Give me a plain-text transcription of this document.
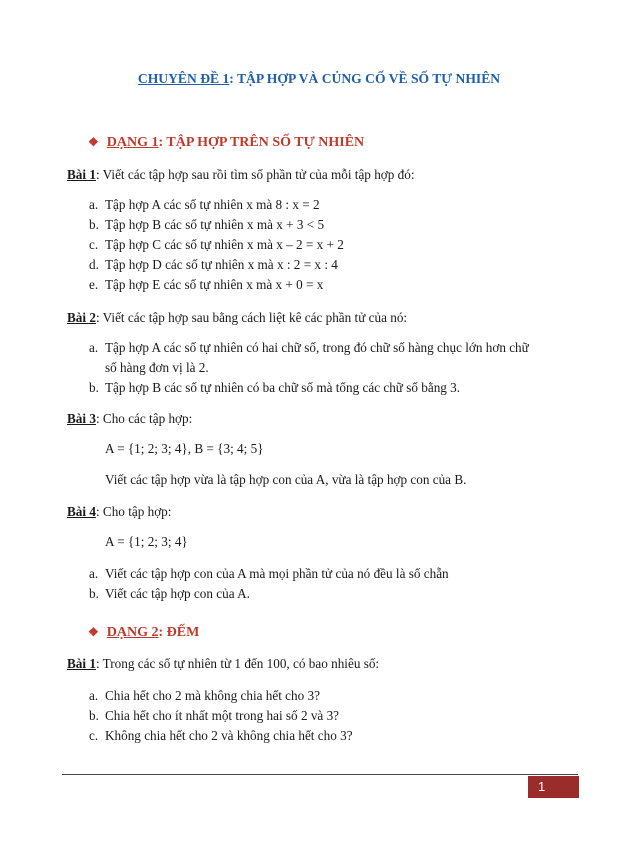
CHUYÊN ĐỀ 1: TẬP HỢP VÀ CỦNG CỐ VỀ SỐ TỰ NHIÊN
❖ DẠNG 1: TẬP HỢP TRÊN SỐ TỰ NHIÊN
Bài 1: Viết các tập hợp sau rồi tìm số phần tử của mỗi tập hợp đó:
a. Tập hợp A các số tự nhiên x mà 8 : x = 2
b. Tập hợp B các số tự nhiên x mà x + 3 < 5
c. Tập hợp C các số tự nhiên x mà x – 2 = x + 2
d. Tập hợp D các số tự nhiên x mà x : 2 = x : 4
e. Tập hợp E các số tự nhiên x mà x + 0 = x
Bài 2: Viết các tập hợp sau bằng cách liệt kê các phần tử của nó:
a. Tập hợp A các số tự nhiên có hai chữ số, trong đó chữ số hàng chục lớn hơn chữ
số hàng đơn vị là 2.
b. Tập hợp B các số tự nhiên có ba chữ số mà tổng các chữ số bằng 3.
Bài 3: Cho các tập hợp:
A = {1; 2; 3; 4}, B = {3; 4; 5}
Viết các tập hợp vừa là tập hợp con của A, vừa là tập hợp con của B.
Bài 4: Cho tập hợp:
A = {1; 2; 3; 4}
a. Viết các tập hợp con của A mà mọi phần tử của nó đều là số chẵn
b. Viết các tập hợp con của A.
❖ DẠNG 2: ĐẾM
Bài 1: Trong các số tự nhiên từ 1 đến 100, có bao nhiêu số:
a. Chia hết cho 2 mà không chia hết cho 3?
b. Chia hết cho ít nhất một trong hai số 2 và 3?
c. Không chia hết cho 2 và không chia hết cho 3?
1
